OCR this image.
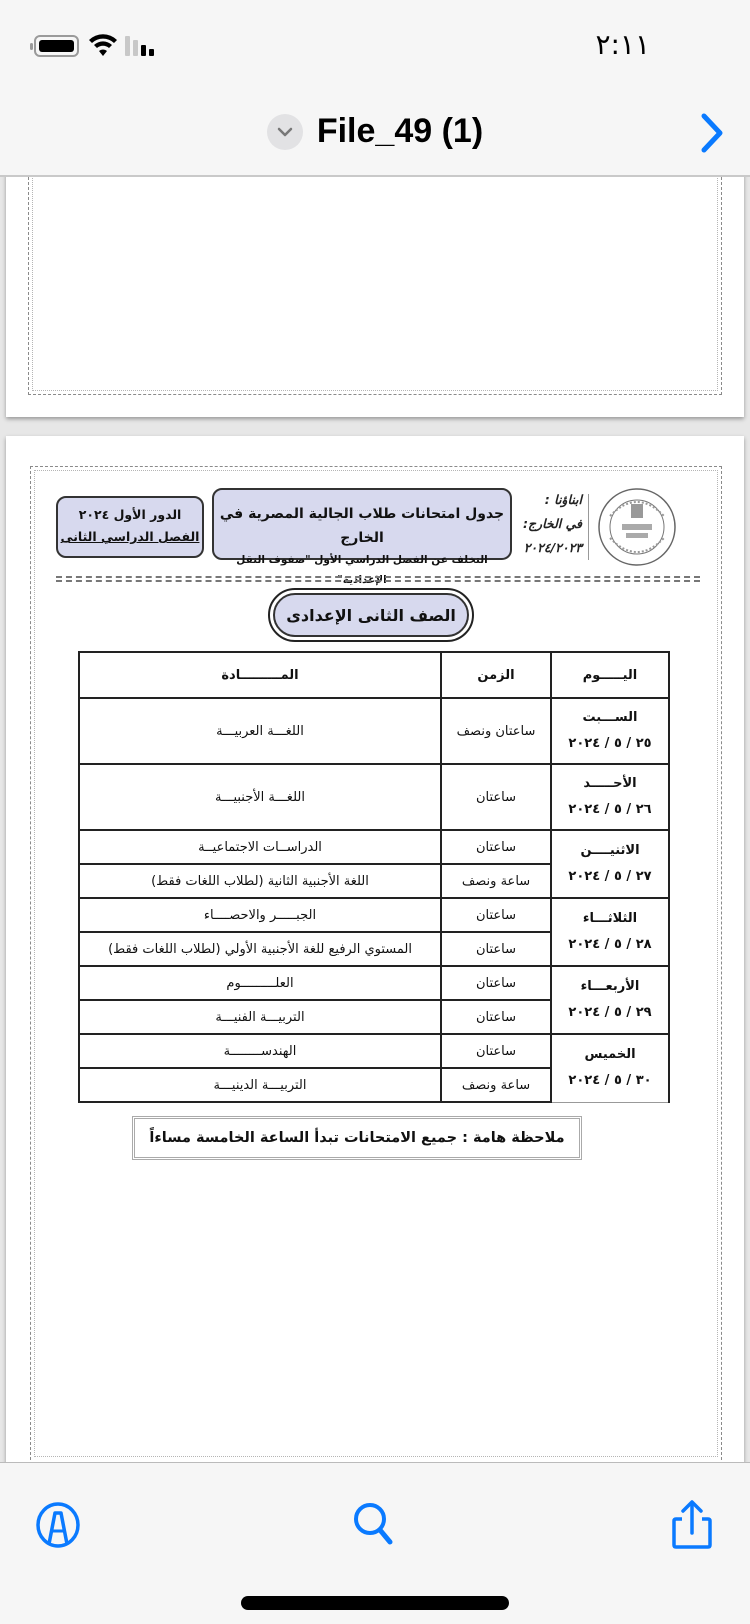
٢:١١
File_49 (1)
الدور الأول ٢٠٢٤
الفصل الدراسي الثانى
جدول امتحانات طلاب الجالية المصرية في الخارج
التخلف عن الفصل الدراسي الأول "صفوف النقل الإعدادية"
ابناؤنا :
في الخارج:
٢٠٢٤/٢٠٢٣
الصف الثانى الإعدادى
اليـــــوم	الزمن	المـــــــــادة

الســـبت
٢٥ / ٥ / ٢٠٢٤	ساعتان ونصف	اللغـــة العربيـــة

الأحـــــد
٢٦ / ٥ / ٢٠٢٤	ساعتان	اللغـــة الأجنبيـــة

الاثنيــــن
٢٧ / ٥ / ٢٠٢٤	ساعتان	الدراســات الاجتماعيــة
	ساعة ونصف	اللغة الأجنبية الثانية (لطلاب اللغات فقط)

الثلاثـــاء
٢٨ / ٥ / ٢٠٢٤	ساعتان	الجبـــــر والاحصــــاء
	ساعتان	المستوي الرفيع للغة الأجنبية الأولي (لطلاب اللغات فقط)

الأربعـــاء
٢٩ / ٥ / ٢٠٢٤	ساعتان	العلـــــــــوم
	ساعتان	التربيـــة الفنيـــة

الخميس
٣٠ / ٥ / ٢٠٢٤	ساعتان	الهندســــــــة
	ساعة ونصف	التربيـــة الدينيـــة
ملاحظة هامة : جميع الامتحانات تبدأ الساعة الخامسة مساءاً
